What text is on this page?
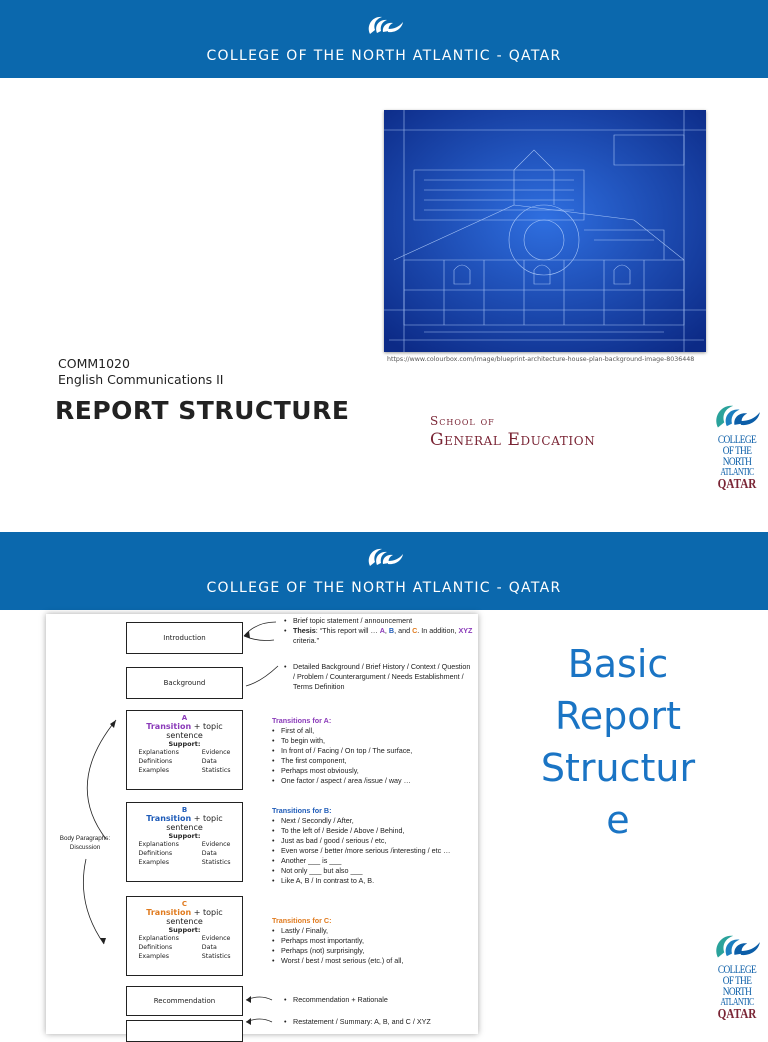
COLLEGE OF THE NORTH ATLANTIC - QATAR
https://www.colourbox.com/image/blueprint-architecture-house-plan-background-image-8036448
COMM1020
English Communications II
REPORT STRUCTURE	School of
General Education	COLLEGE
OF THE
NORTH
ATLANTIC
QATAR
COLLEGE OF THE NORTH ATLANTIC - QATAR
COLLEGE
OF THE
NORTH
ATLANTIC
QATAR
Basic
Report
Structur
e
Introduction
Background
A
Transition + topic sentence
Support:
Explanations
Definitions
Examples
Evidence
Data
Statistics
B
Transition + topic sentence
Support:
Explanations
Definitions
Examples
Evidence
Data
Statistics
C
Transition + topic sentence
Support:
Explanations
Definitions
Examples
Evidence
Data
Statistics
Recommendation
Body Paragraphs: Discussion
• Brief topic statement / announcement
• Thesis: “This report will … A, B, and C. In addition, XYZ criteria.”
• Detailed Background / Brief History / Context / Question / Problem / Counterargument / Needs Establishment / Terms Definition
Transitions for A:
• First of all,
• To begin with,
• In front of / Facing / On top / The surface,
• The first component,
• Perhaps most obviously,
• One factor / aspect / area /issue / way …
Transitions for B:
• Next / Secondly / After,
• To the left of / Beside / Above / Behind,
• Just as bad / good / serious / etc,
• Even worse / better /more serious /interesting / etc …
• Another ___ is ___
• Not only ___ but also ___
• Like A, B / In contrast to A, B.
Transitions for C:
• Lastly / Finally,
• Perhaps most importantly,
• Perhaps (not) surprisingly,
• Worst / best / most serious (etc.) of all,
• Recommendation + Rationale
• Restatement / Summary: A, B, and C / XYZ
